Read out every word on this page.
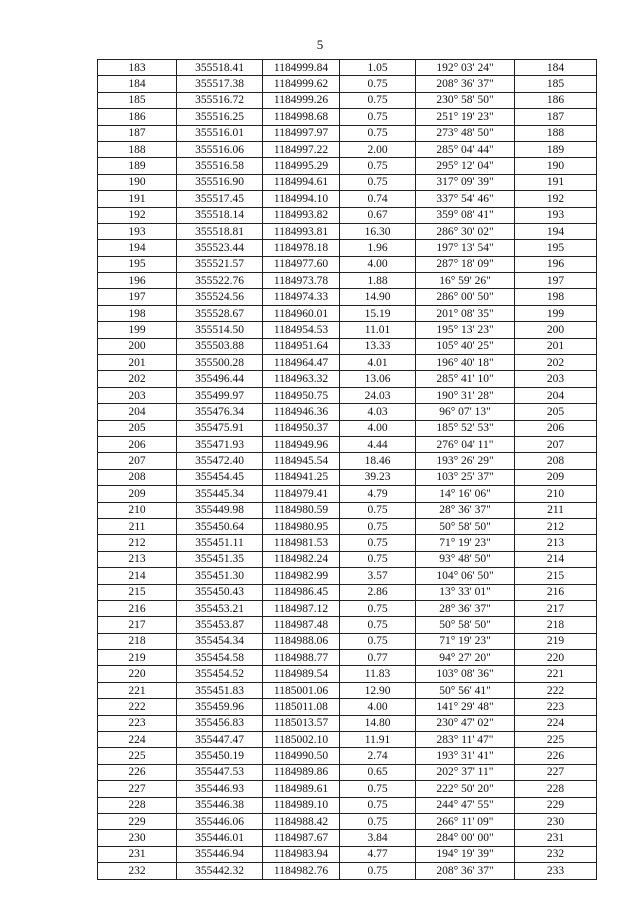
5
183	355518.41	1184999.84	1.05	192° 03' 24"	184
184	355517.38	1184999.62	0.75	208° 36' 37"	185
185	355516.72	1184999.26	0.75	230° 58' 50"	186
186	355516.25	1184998.68	0.75	251° 19' 23"	187
187	355516.01	1184997.97	0.75	273° 48' 50"	188
188	355516.06	1184997.22	2.00	285° 04' 44"	189
189	355516.58	1184995.29	0.75	295° 12' 04"	190
190	355516.90	1184994.61	0.75	317° 09' 39"	191
191	355517.45	1184994.10	0.74	337° 54' 46"	192
192	355518.14	1184993.82	0.67	359° 08' 41"	193
193	355518.81	1184993.81	16.30	286° 30' 02"	194
194	355523.44	1184978.18	1.96	197° 13' 54"	195
195	355521.57	1184977.60	4.00	287° 18' 09"	196
196	355522.76	1184973.78	1.88	16° 59' 26"	197
197	355524.56	1184974.33	14.90	286° 00' 50"	198
198	355528.67	1184960.01	15.19	201° 08' 35"	199
199	355514.50	1184954.53	11.01	195° 13' 23"	200
200	355503.88	1184951.64	13.33	105° 40' 25"	201
201	355500.28	1184964.47	4.01	196° 40' 18"	202
202	355496.44	1184963.32	13.06	285° 41' 10"	203
203	355499.97	1184950.75	24.03	190° 31' 28"	204
204	355476.34	1184946.36	4.03	96° 07' 13"	205
205	355475.91	1184950.37	4.00	185° 52' 53"	206
206	355471.93	1184949.96	4.44	276° 04' 11"	207
207	355472.40	1184945.54	18.46	193° 26' 29"	208
208	355454.45	1184941.25	39.23	103° 25' 37"	209
209	355445.34	1184979.41	4.79	14° 16' 06"	210
210	355449.98	1184980.59	0.75	28° 36' 37"	211
211	355450.64	1184980.95	0.75	50° 58' 50"	212
212	355451.11	1184981.53	0.75	71° 19' 23"	213
213	355451.35	1184982.24	0.75	93° 48' 50"	214
214	355451.30	1184982.99	3.57	104° 06' 50"	215
215	355450.43	1184986.45	2.86	13° 33' 01"	216
216	355453.21	1184987.12	0.75	28° 36' 37"	217
217	355453.87	1184987.48	0.75	50° 58' 50"	218
218	355454.34	1184988.06	0.75	71° 19' 23"	219
219	355454.58	1184988.77	0.77	94° 27' 20"	220
220	355454.52	1184989.54	11.83	103° 08' 36"	221
221	355451.83	1185001.06	12.90	50° 56' 41"	222
222	355459.96	1185011.08	4.00	141° 29' 48"	223
223	355456.83	1185013.57	14.80	230° 47' 02"	224
224	355447.47	1185002.10	11.91	283° 11' 47"	225
225	355450.19	1184990.50	2.74	193° 31' 41"	226
226	355447.53	1184989.86	0.65	202° 37' 11"	227
227	355446.93	1184989.61	0.75	222° 50' 20"	228
228	355446.38	1184989.10	0.75	244° 47' 55"	229
229	355446.06	1184988.42	0.75	266° 11' 09"	230
230	355446.01	1184987.67	3.84	284° 00' 00"	231
231	355446.94	1184983.94	4.77	194° 19' 39"	232
232	355442.32	1184982.76	0.75	208° 36' 37"	233
